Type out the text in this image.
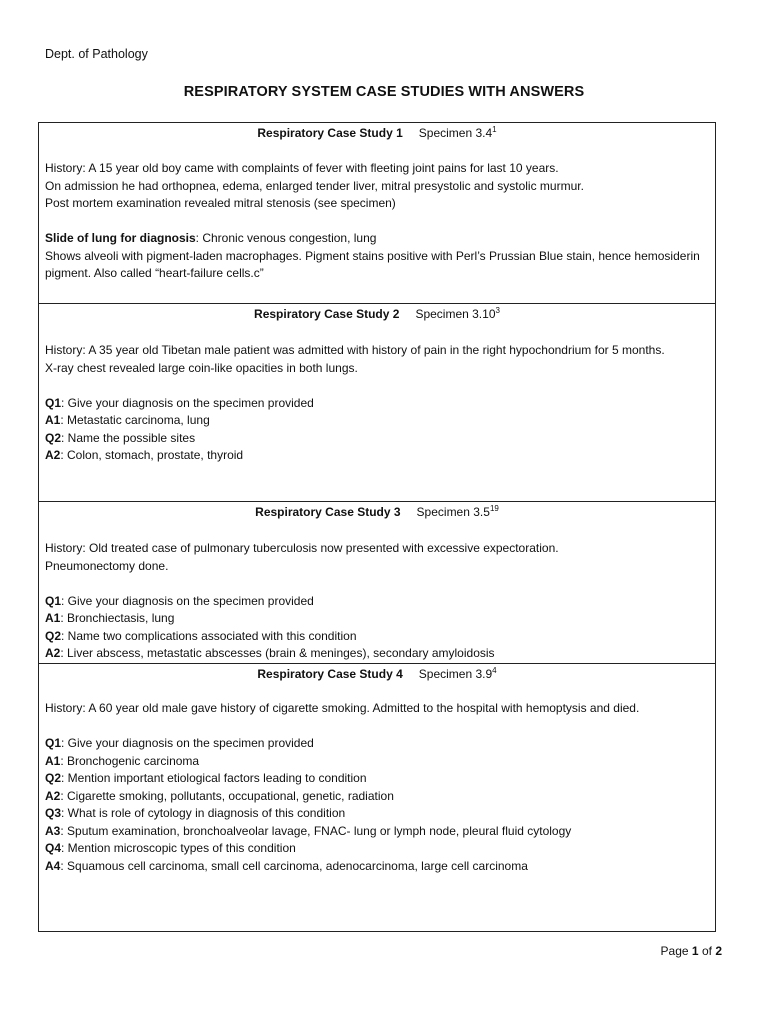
Dept. of Pathology
RESPIRATORY SYSTEM CASE STUDIES WITH ANSWERS
Respiratory Case Study 1 Specimen $3.4^1$

History: A 15 year old boy came with complaints of fever with fleeting joint pains for last 10 years.

On admission he had orthopnea, edema, enlarged tender liver, mitral presystolic and systolic murmur.

Post mortem examination revealed mitral stenosis (see specimen)

Slide of lung for diagnosis: Chronic venous congestion, lung

Shows alveoli with pigment-laden macrophages. Pigment stains positive with Perl’s Prussian Blue stain, hence hemosiderin pigment. Also called “heart-failure cells.c”

Respiratory Case Study 2 Specimen 3.10$^3$

History: A 35 year old Tibetan male patient was admitted with history of pain in the right hypochondrium for 5 months.

X-ray chest revealed large coin-like opacities in both lungs.

Q1: Give your diagnosis on the specimen provided

A1: Metastatic carcinoma, lung

Q2: Name the possible sites

A2: Colon, stomach, prostate, thyroid

Respiratory Case Study 3 Specimen $3.5^{19}$

History: Old treated case of pulmonary tuberculosis now presented with excessive expectoration.

Pneumonectomy done.

Q1: Give your diagnosis on the specimen provided

A1: Bronchiectasis, lung

Q2: Name two complications associated with this condition

A2: Liver abscess, metastatic abscesses (brain & meninges), secondary amyloidosis

Respiratory Case Study 4 Specimen $3.9^4$

History: A 60 year old male gave history of cigarette smoking. Admitted to the hospital with hemoptysis and died.

Q1: Give your diagnosis on the specimen provided

A1: Bronchogenic carcinoma

Q2: Mention important etiological factors leading to condition

A2: Cigarette smoking, pollutants, occupational, genetic, radiation

Q3: What is role of cytology in diagnosis of this condition

A3: Sputum examination, bronchoalveolar lavage, FNAC- lung or lymph node, pleural fluid cytology

Q4: Mention microscopic types of this condition

A4: Squamous cell carcinoma, small cell carcinoma, adenocarcinoma, large cell carcinoma

Page 1 of 2
